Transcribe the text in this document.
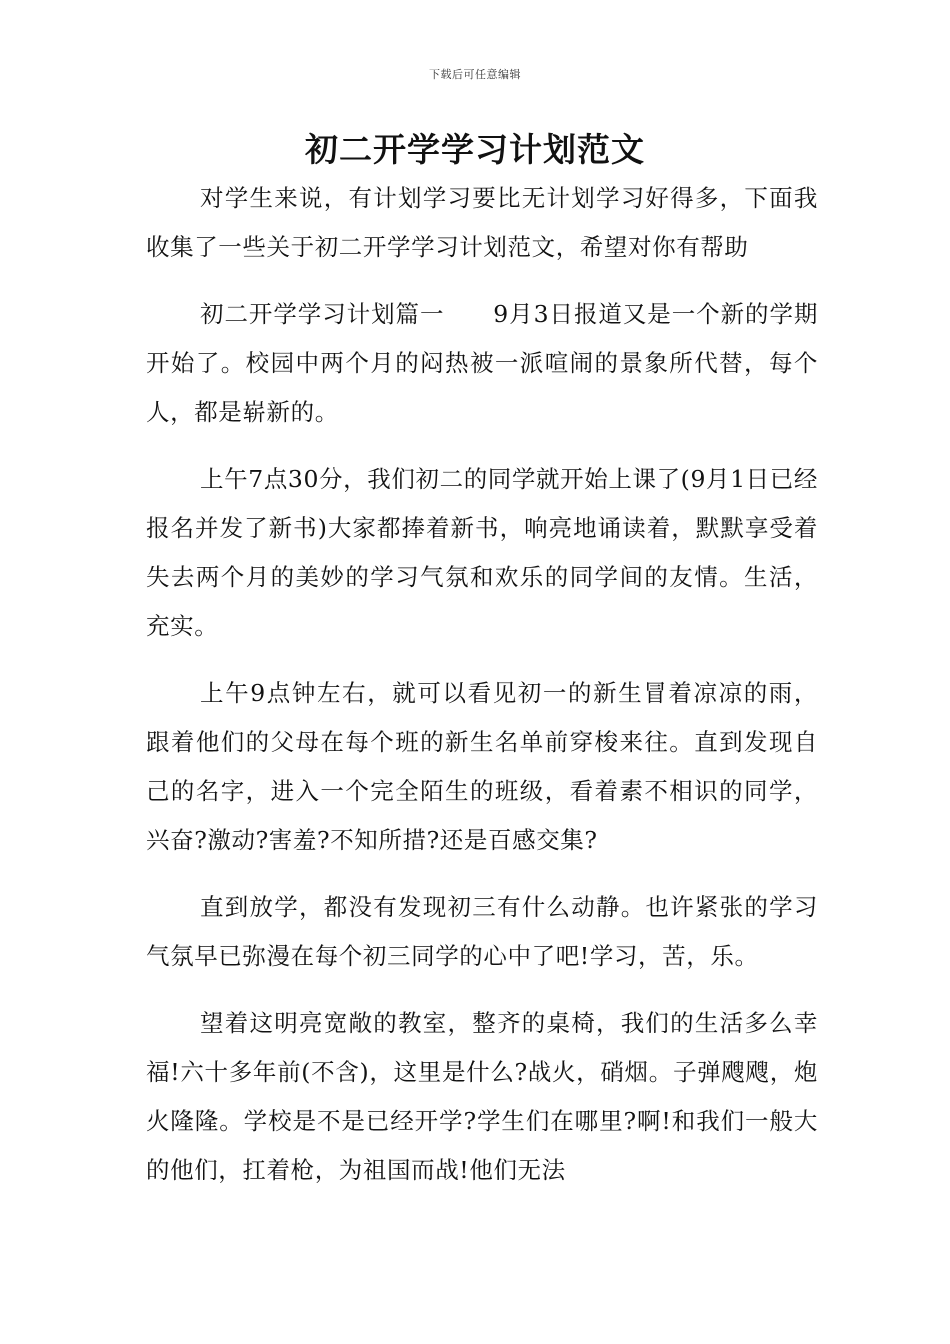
下载后可任意编辑
初二开学学习计划范文

对学生来说，有计划学习要比无计划学习好得多，下面我收集了一些关于初二开学学习计划范文，希望对你有帮助

初二开学学习计划篇一　　9月3日报道又是一个新的学期开始了。校园中两个月的闷热被一派喧闹的景象所代替，每个人，都是崭新的。

上午7点30分，我们初二的同学就开始上课了(9月1日已经报名并发了新书)大家都捧着新书，响亮地诵读着，默默享受着失去两个月的美妙的学习气氛和欢乐的同学间的友情。生活，充实。

上午9点钟左右，就可以看见初一的新生冒着凉凉的雨，跟着他们的父母在每个班的新生名单前穿梭来往。直到发现自己的名字，进入一个完全陌生的班级，看着素不相识的同学，兴奋?激动?害羞?不知所措?还是百感交集?

直到放学，都没有发现初三有什么动静。也许紧张的学习气氛早已弥漫在每个初三同学的心中了吧!学习，苦，乐。

望着这明亮宽敞的教室，整齐的桌椅，我们的生活多么幸福!六十多年前(不含)，这里是什么?战火，硝烟。子弹飕飕，炮火隆隆。学校是不是已经开学?学生们在哪里?啊!和我们一般大的他们，扛着枪，为祖国而战!他们无法
